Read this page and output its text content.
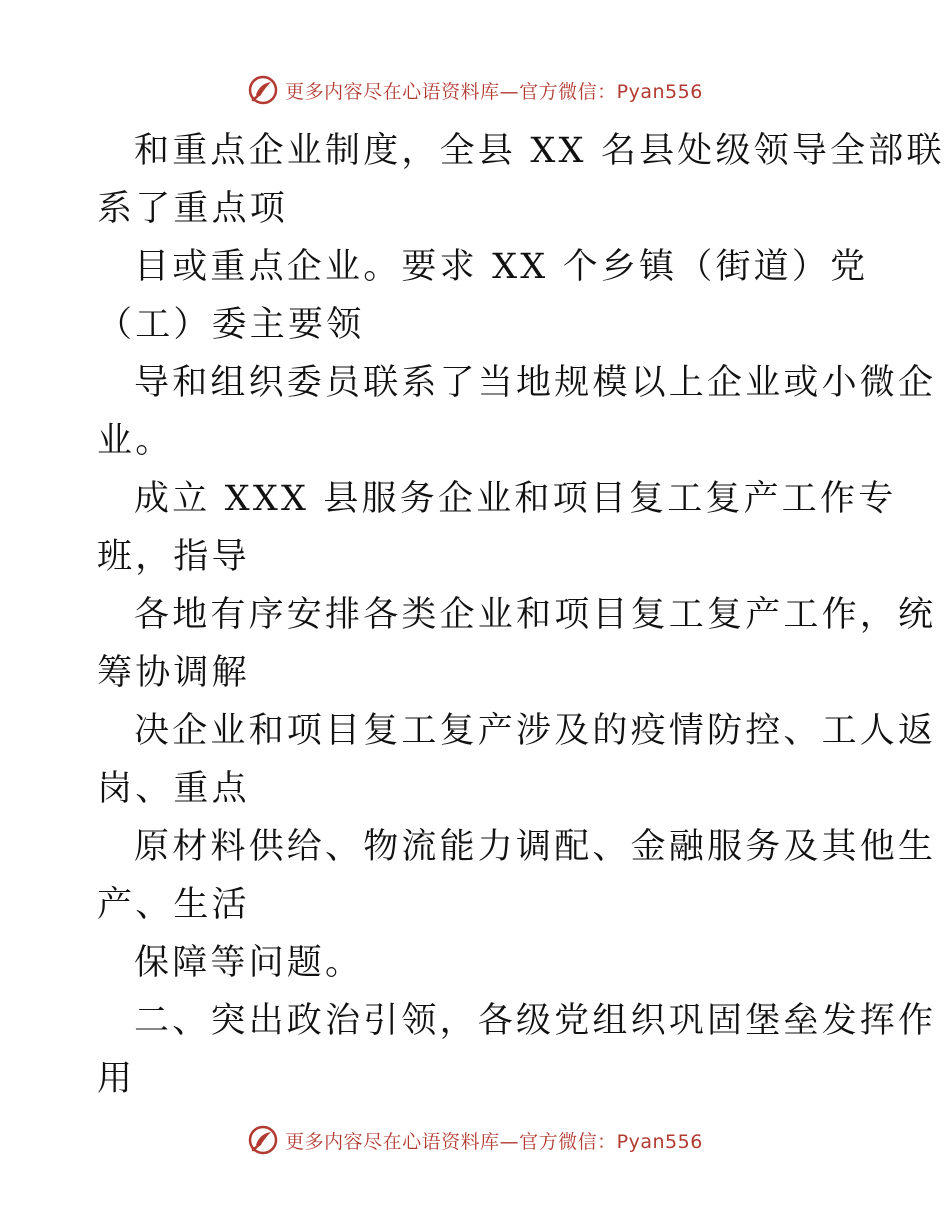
更多内容尽在心语资料库—官方微信：Pyan556
和重点企业制度，全县 XX 名县处级领导全部联
系了重点项
目或重点企业。要求 XX 个乡镇（街道）党
（工）委主要领
导和组织委员联系了当地规模以上企业或小微企
业。
成立 XXX 县服务企业和项目复工复产工作专
班，指导
各地有序安排各类企业和项目复工复产工作，统
筹协调解
决企业和项目复工复产涉及的疫情防控、工人返
岗、重点
原材料供给、物流能力调配、金融服务及其他生
产、生活
保障等问题。
二、突出政治引领，各级党组织巩固堡垒发挥作
用
更多内容尽在心语资料库—官方微信：Pyan556
